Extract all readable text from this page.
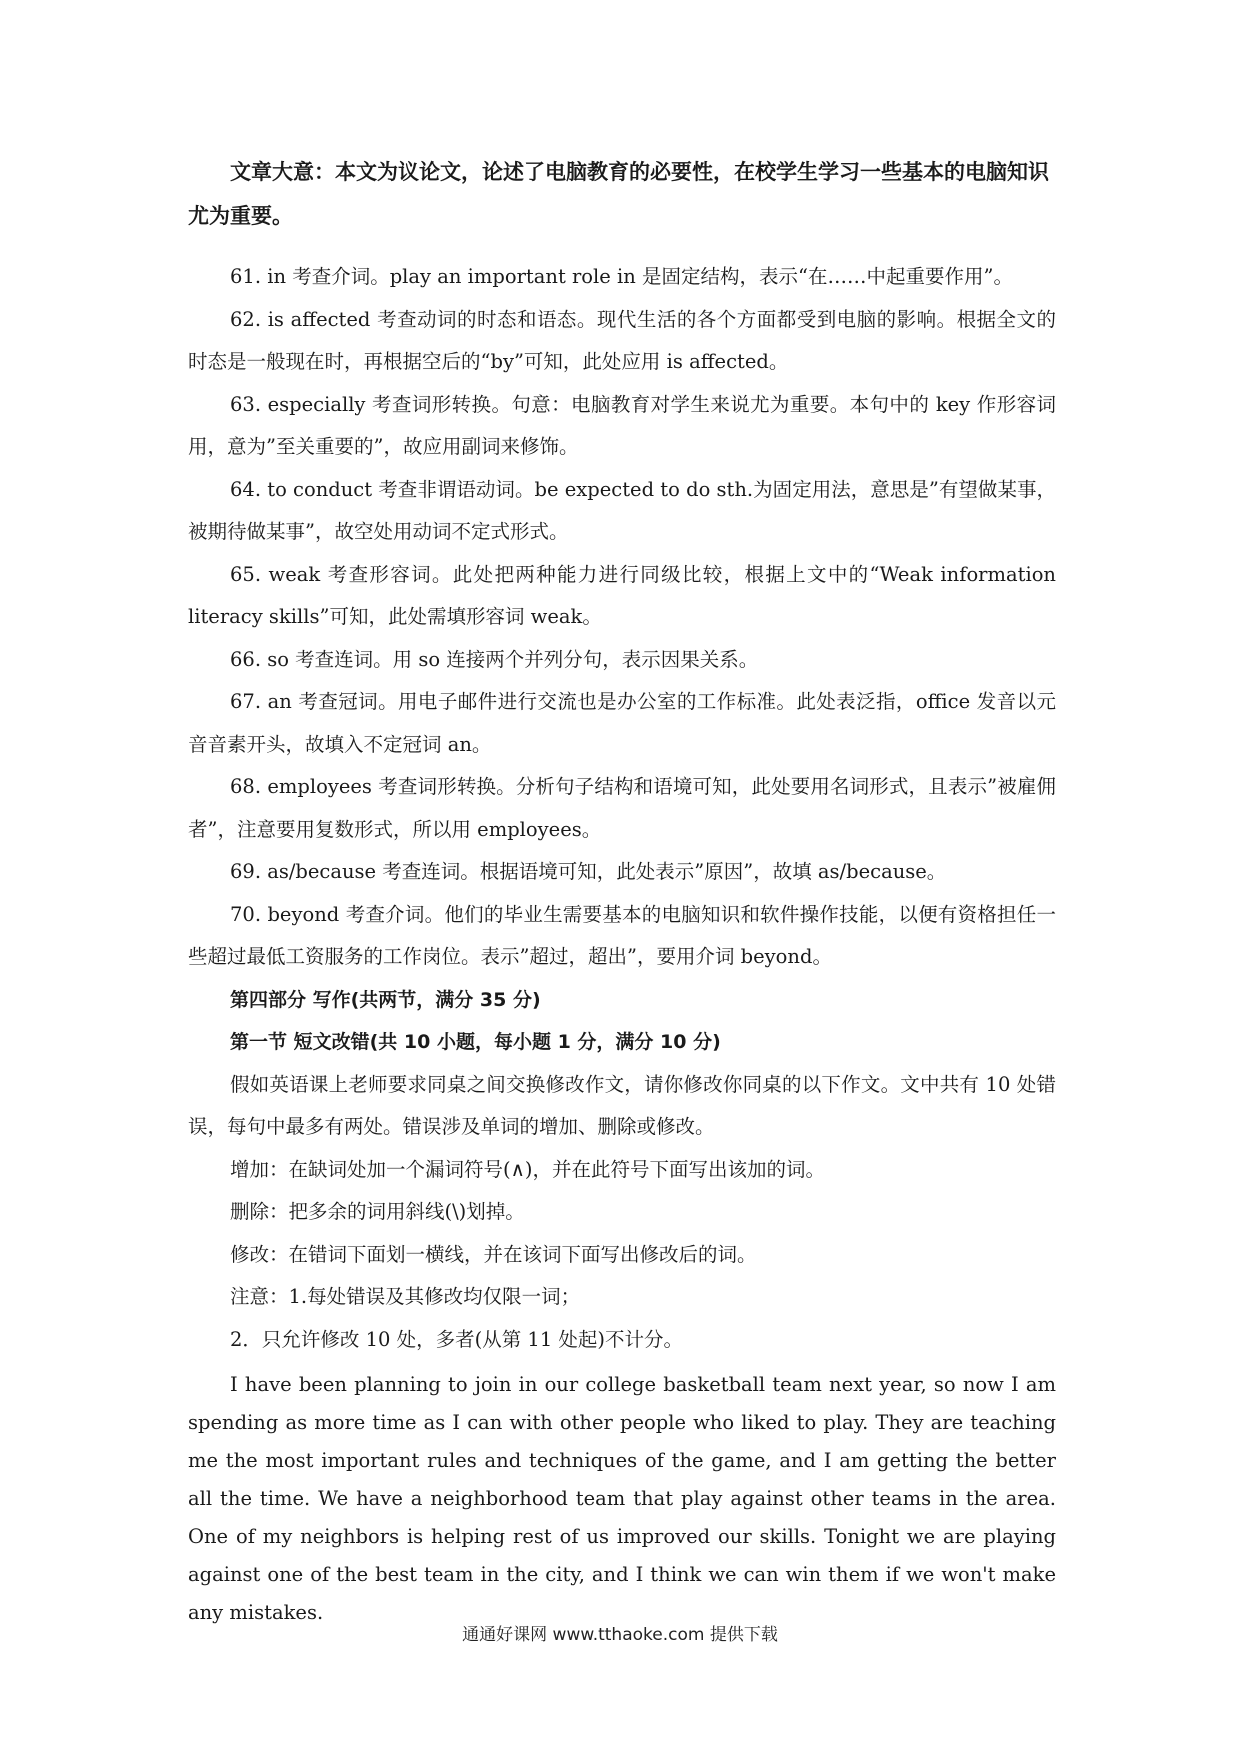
文章大意：本文为议论文，论述了电脑教育的必要性，在校学生学习一些基本的电脑知识尤为重要。

61. in 考查介词。play an important role in 是固定结构，表示“在……中起重要作用”。

62. is affected 考查动词的时态和语态。现代生活的各个方面都受到电脑的影响。根据全文的时态是一般现在时，再根据空后的“by”可知，此处应用 is affected。

63. especially 考查词形转换。句意：电脑教育对学生来说尤为重要。本句中的 key 作形容词用，意为”至关重要的”，故应用副词来修饰。

64. to conduct 考查非谓语动词。be expected to do sth.为固定用法，意思是”有望做某事，被期待做某事”，故空处用动词不定式形式。

65. weak 考查形容词。此处把两种能力进行同级比较，根据上文中的“Weak information literacy skills”可知，此处需填形容词 weak。

66. so 考查连词。用 so 连接两个并列分句，表示因果关系。

67. an 考查冠词。用电子邮件进行交流也是办公室的工作标准。此处表泛指，office 发音以元音音素开头，故填入不定冠词 an。

68. employees 考查词形转换。分析句子结构和语境可知，此处要用名词形式，且表示”被雇佣者”，注意要用复数形式，所以用 employees。

69. as/because 考查连词。根据语境可知，此处表示”原因”，故填 as/because。

70. beyond 考查介词。他们的毕业生需要基本的电脑知识和软件操作技能，以便有资格担任一些超过最低工资服务的工作岗位。表示”超过，超出”，要用介词 beyond。

第四部分 写作(共两节，满分 35 分)

第一节 短文改错(共 10 小题，每小题 1 分，满分 10 分)

假如英语课上老师要求同桌之间交换修改作文，请你修改你同桌的以下作文。文中共有 10 处错误，每句中最多有两处。错误涉及单词的增加、删除或修改。

增加：在缺词处加一个漏词符号(∧)，并在此符号下面写出该加的词。

删除：把多余的词用斜线(\)划掉。

修改：在错词下面划一横线，并在该词下面写出修改后的词。

注意：1.每处错误及其修改均仅限一词；

2．只允许修改 10 处，多者(从第 11 处起)不计分。

I have been planning to join in our college basketball team next year, so now I am spending as more time as I can with other people who liked to play. They are teaching me the most important rules and techniques of the game, and I am getting the better all the time. We have a neighborhood team that play against other teams in the area. One of my neighbors is helping rest of us improved our skills. Tonight we are playing against one of the best team in the city, and I think we can win them if we won't make any mistakes.

通通好课网 www.tthaoke.com 提供下载
